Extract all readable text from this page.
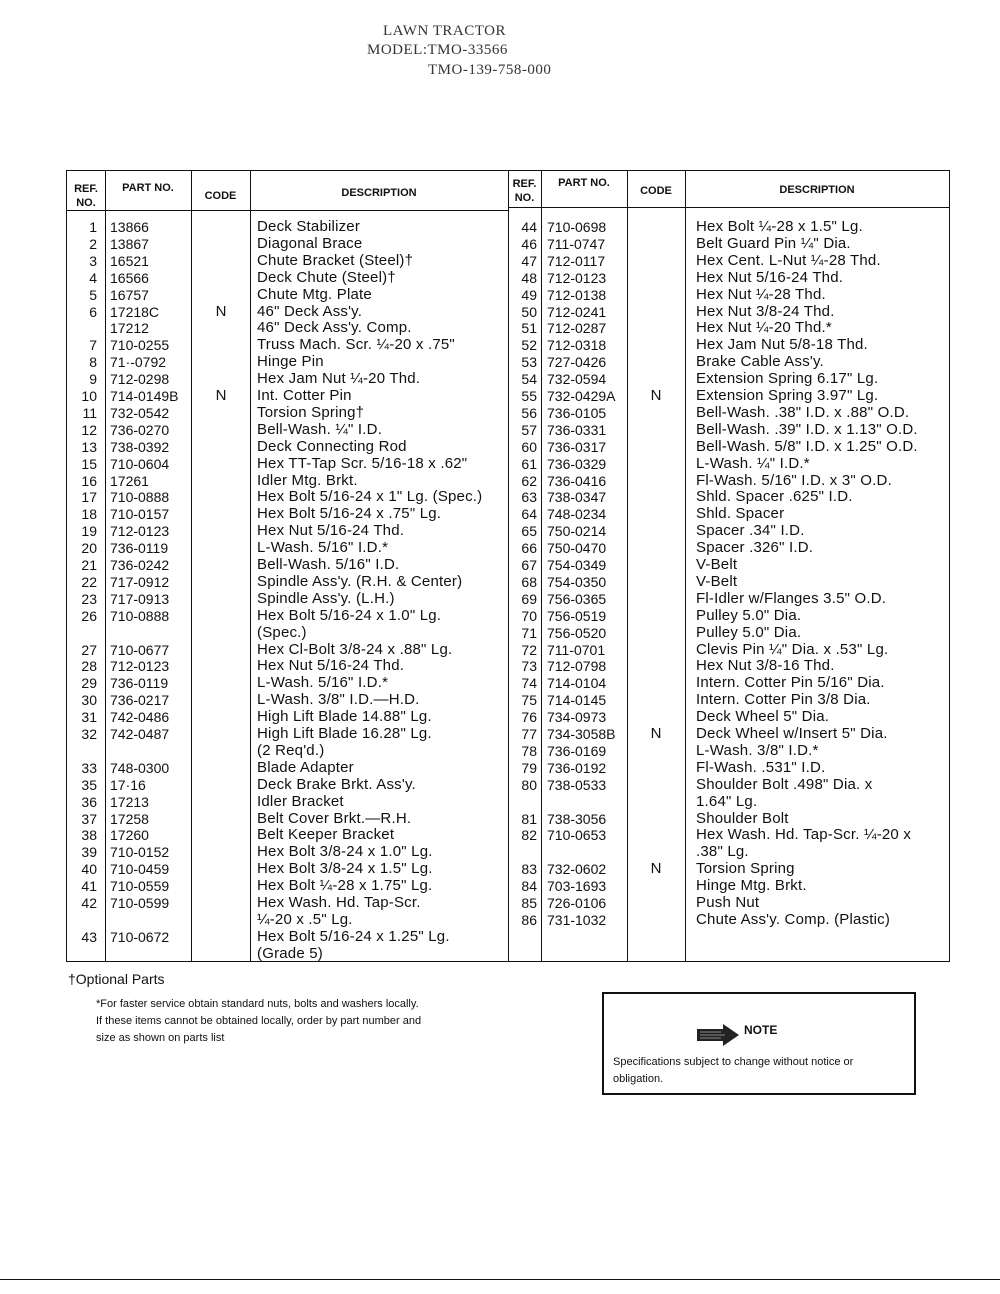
LAWN TRACTOR
MODEL:TMO-33566
TMO-139-758-000
REF. NO.
PART NO.
CODE	DESCRIPTION
REF. NO.
PART NO.
CODE	DESCRIPTION
1 13866	Deck Stabilizer
2 13867	Diagonal Brace
3 16521	Chute Bracket (Steel)†
4 16566	Deck Chute (Steel)†
5 16757	Chute Mtg. Plate
6 17218C	N	46" Deck Ass'y.
17212	46" Deck Ass'y. Comp.
7 710-0255	Truss Mach. Scr. ¼-20 x .75"
8 71·-0792	Hinge Pin
9 712-0298	Hex Jam Nut ¼-20 Thd.
10 714-0149B	N	Int. Cotter Pin
11 732-0542	Torsion Spring†
12 736-0270	Bell-Wash. ¼" I.D.
13 738-0392	Deck Connecting Rod
15 710-0604	Hex TT-Tap Scr. 5/16-18 x .62"
16 17261	Idler Mtg. Brkt.
17 710-0888	Hex Bolt 5/16-24 x 1" Lg. (Spec.)
18 710-0157	Hex Bolt 5/16-24 x .75" Lg.
19 712-0123	Hex Nut 5/16-24 Thd.
20 736-0119	L-Wash. 5/16" I.D.*
21 736-0242	Bell-Wash. 5/16" I.D.
22 717-0912	Spindle Ass'y. (R.H. & Center)
23 717-0913	Spindle Ass'y. (L.H.)
26 710-0888	Hex Bolt 5/16-24 x 1.0" Lg.
(Spec.)
27 710-0677	Hex Cl-Bolt 3/8-24 x .88" Lg.
28 712-0123	Hex Nut 5/16-24 Thd.
29 736-0119	L-Wash. 5/16" I.D.*
30 736-0217	L-Wash. 3/8" I.D.—H.D.
31 742-0486	High Lift Blade 14.88" Lg.
32 742-0487	High Lift Blade 16.28" Lg.
(2 Req'd.)
33 748-0300	Blade Adapter
35 17·16	Deck Brake Brkt. Ass'y.
36 17213	Idler Bracket
37 17258	Belt Cover Brkt.—R.H.
38 17260	Belt Keeper Bracket
39 710-0152	Hex Bolt 3/8-24 x 1.0" Lg.
40 710-0459	Hex Bolt 3/8-24 x 1.5" Lg.
41 710-0559	Hex Bolt ¼-28 x 1.75" Lg.
42 710-0599	Hex Wash. Hd. Tap-Scr.
¼-20 x .5" Lg.
43 710-0672	Hex Bolt 5/16-24 x 1.25" Lg.
(Grade 5)
44 710-0698	Hex Bolt ¼-28 x 1.5" Lg.
46 711-0747	Belt Guard Pin ¼" Dia.
47 712-0117	Hex Cent. L-Nut ¼-28 Thd.
48 712-0123	Hex Nut 5/16-24 Thd.
49 712-0138	Hex Nut ¼-28 Thd.
50 712-0241	Hex Nut 3/8-24 Thd.
51 712-0287	Hex Nut ¼-20 Thd.*
52 712-0318	Hex Jam Nut 5/8-18 Thd.
53 727-0426	Brake Cable Ass'y.
54 732-0594	Extension Spring 6.17" Lg.
55 732-0429A	N	Extension Spring 3.97" Lg.
56 736-0105	Bell-Wash. .38" I.D. x .88" O.D.
57 736-0331	Bell-Wash. .39" I.D. x 1.13" O.D.
60 736-0317	Bell-Wash. 5/8" I.D. x 1.25" O.D.
61 736-0329	L-Wash. ¼" I.D.*
62 736-0416	Fl-Wash. 5/16" I.D. x 3" O.D.
63 738-0347	Shld. Spacer .625" I.D.
64 748-0234	Shld. Spacer
65 750-0214	Spacer .34" I.D.
66 750-0470	Spacer .326" I.D.
67 754-0349	V-Belt
68 754-0350	V-Belt
69 756-0365	Fl-Idler w/Flanges 3.5" O.D.
70 756-0519	Pulley 5.0" Dia.
71 756-0520	Pulley 5.0" Dia.
72 711-0701	Clevis Pin ¼" Dia. x .53" Lg.
73 712-0798	Hex Nut 3/8-16 Thd.
74 714-0104	Intern. Cotter Pin 5/16" Dia.
75 714-0145	Intern. Cotter Pin 3/8 Dia.
76 734-0973	Deck Wheel 5" Dia.
77 734-3058B	N	Deck Wheel w/Insert 5" Dia.
78 736-0169	L-Wash. 3/8" I.D.*
79 736-0192	Fl-Wash. .531" I.D.
80 738-0533	Shoulder Bolt .498" Dia. x
1.64" Lg.
81 738-3056	Shoulder Bolt
82 710-0653	Hex Wash. Hd. Tap-Scr. ¼-20 x
.38" Lg.
83 732-0602	N	Torsion Spring
84 703-1693	Hinge Mtg. Brkt.
85 726-0106	Push Nut
86 731-1032	Chute Ass'y. Comp. (Plastic)
†Optional Parts
*For faster service obtain standard nuts, bolts and washers locally.
If these items cannot be obtained locally, order by part number and
size as shown on parts list
NOTE
Specifications subject to change without notice or
obligation.
